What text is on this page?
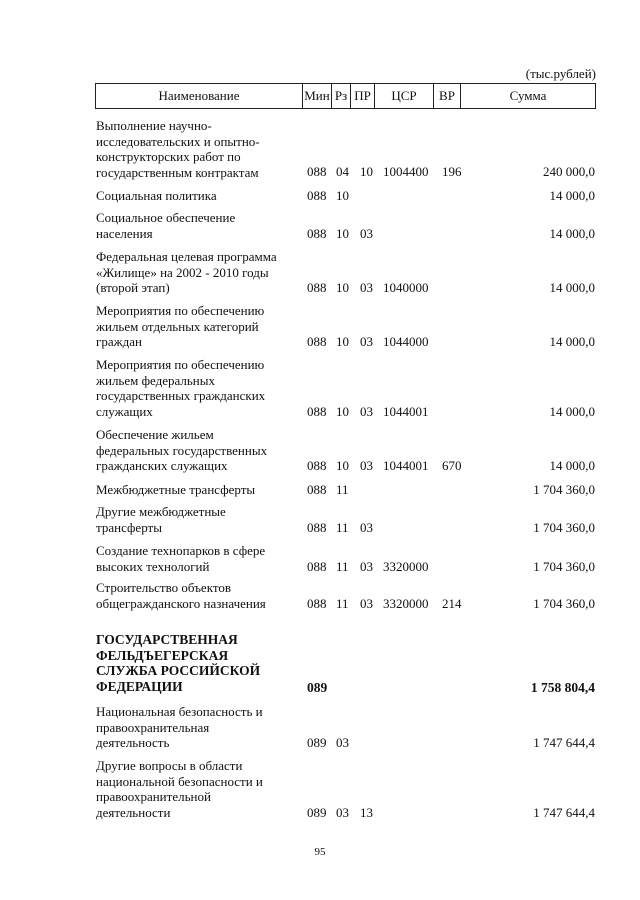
(тыс.рублей)
Наименование	Мин Рз ПР	ЦСР	ВР	Сумма
Выполнение научно-
исследовательских и опытно-
конструкторских работ по
государственным контрактам	088 04 10 1004400 196	240 000,0
Социальная политика	088 10	14 000,0
Социальное обеспечение
населения	088 10 03	14 000,0
Федеральная целевая программа
«Жилище» на 2002 - 2010 годы
(второй этап)	088 10 03 1040000	14 000,0
Мероприятия по обеспечению
жильем отдельных категорий
граждан	088 10 03 1044000	14 000,0
Мероприятия по обеспечению
жильем федеральных
государственных гражданских
служащих	088 10 03 1044001	14 000,0
Обеспечение жильем
федеральных государственных
гражданских служащих	088 10 03 1044001 670	14 000,0
Межбюджетные трансферты	088 11	1 704 360,0
Другие межбюджетные
трансферты	088 11 03	1 704 360,0
Создание технопарков в сфере
высоких технологий	088 11 03 3320000	1 704 360,0
Строительство объектов
общегражданского назначения	088 11 03 3320000 214	1 704 360,0
ГОСУДАРСТВЕННАЯ
ФЕЛЬДЪЕГЕРСКАЯ
СЛУЖБА РОССИЙСКОЙ
ФЕДЕРАЦИИ	089	1 758 804,4
Национальная безопасность и
правоохранительная
деятельность	089 03	1 747 644,4
Другие вопросы в области
национальной безопасности и
правоохранительной
деятельности	089 03 13	1 747 644,4
95
